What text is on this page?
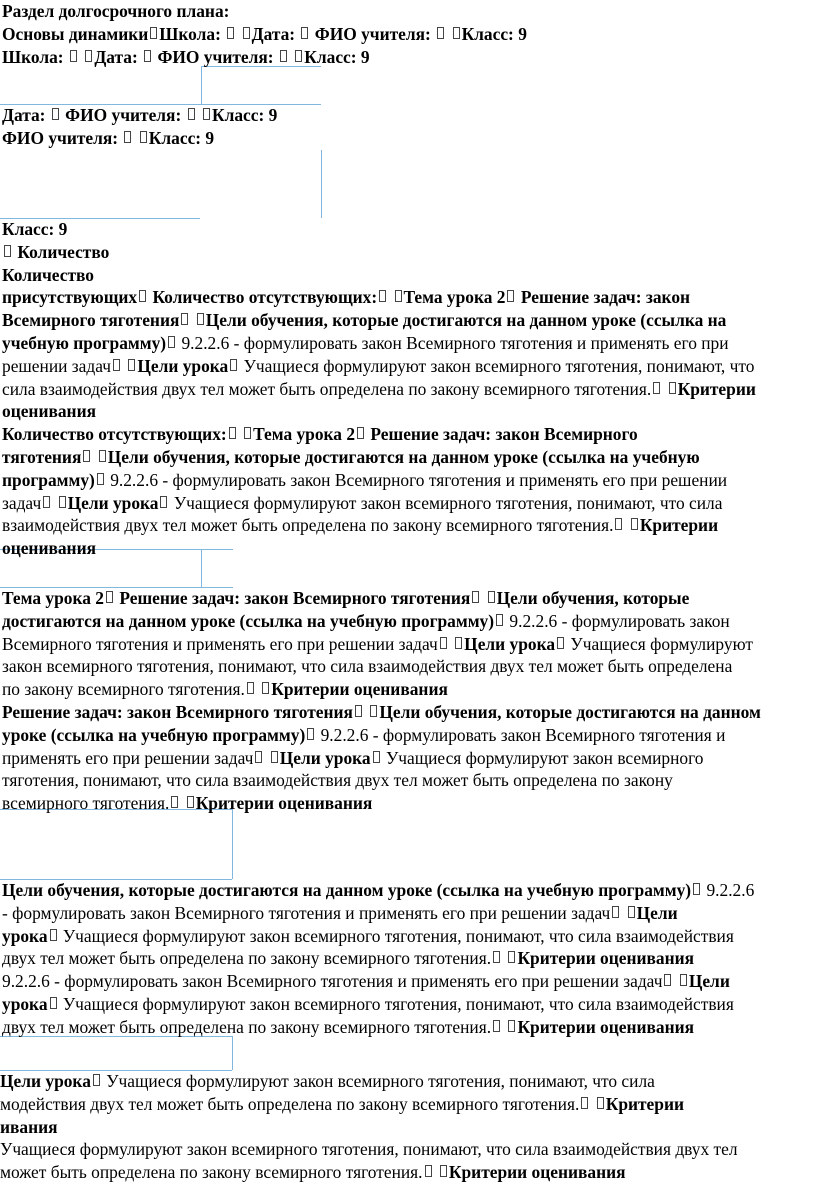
Раздел долгосрочного плана:
Основы динамики Школа:  Дата:  ФИО учителя:  Класс: 9
Школа:  Дата:  ФИО учителя:  Класс: 9
Дата:  ФИО учителя:  Класс: 9
ФИО учителя:  Класс: 9
Класс: 9
Количество
Количество
присутствующих Количество отсутствующих: Тема урока 2 Решение задач: закон
Всемирного тяготения Цели обучения, которые достигаются на данном уроке (ссылка на
учебную программу) 9.2.2.6 - формулировать закон Всемирного тяготения и применять его при
решении задач Цели урока Учащиеся формулируют закон всемирного тяготения, понимают, что
сила взаимодействия двух тел может быть определена по закону всемирного тяготения. Критерии
оценивания
Количество отсутствующих: Тема урока 2 Решение задач: закон Всемирного
тяготения Цели обучения, которые достигаются на данном уроке (ссылка на учебную
программу) 9.2.2.6 - формулировать закон Всемирного тяготения и применять его при решении
задач Цели урока Учащиеся формулируют закон всемирного тяготения, понимают, что сила
взаимодействия двух тел может быть определена по закону всемирного тяготения. Критерии
оценивания
Тема урока 2 Решение задач: закон Всемирного тяготения Цели обучения, которые
достигаются на данном уроке (ссылка на учебную программу) 9.2.2.6 - формулировать закон
Всемирного тяготения и применять его при решении задач Цели урока Учащиеся формулируют
закон всемирного тяготения, понимают, что сила взаимодействия двух тел может быть определена
по закону всемирного тяготения. Критерии оценивания
Решение задач: закон Всемирного тяготения Цели обучения, которые достигаются на данном
уроке (ссылка на учебную программу) 9.2.2.6 - формулировать закон Всемирного тяготения и
применять его при решении задач Цели урока Учащиеся формулируют закон всемирного
тяготения, понимают, что сила взаимодействия двух тел может быть определена по закону
всемирного тяготения. Критерии оценивания
Цели обучения, которые достигаются на данном уроке (ссылка на учебную программу) 9.2.2.6
- формулировать закон Всемирного тяготения и применять его при решении задач Цели
урока Учащиеся формулируют закон всемирного тяготения, понимают, что сила взаимодействия
двух тел может быть определена по закону всемирного тяготения. Критерии оценивания
9.2.2.6 - формулировать закон Всемирного тяготения и применять его при решении задач Цели
урока Учащиеся формулируют закон всемирного тяготения, понимают, что сила взаимодействия
двух тел может быть определена по закону всемирного тяготения. Критерии оценивания
Цели урока Учащиеся формулируют закон всемирного тяготения, понимают, что сила
модействия двух тел может быть определена по закону всемирного тяготения. Критерии
ивания
Учащиеся формулируют закон всемирного тяготения, понимают, что сила взаимодействия двух тел
может быть определена по закону всемирного тяготения. Критерии оценивания
